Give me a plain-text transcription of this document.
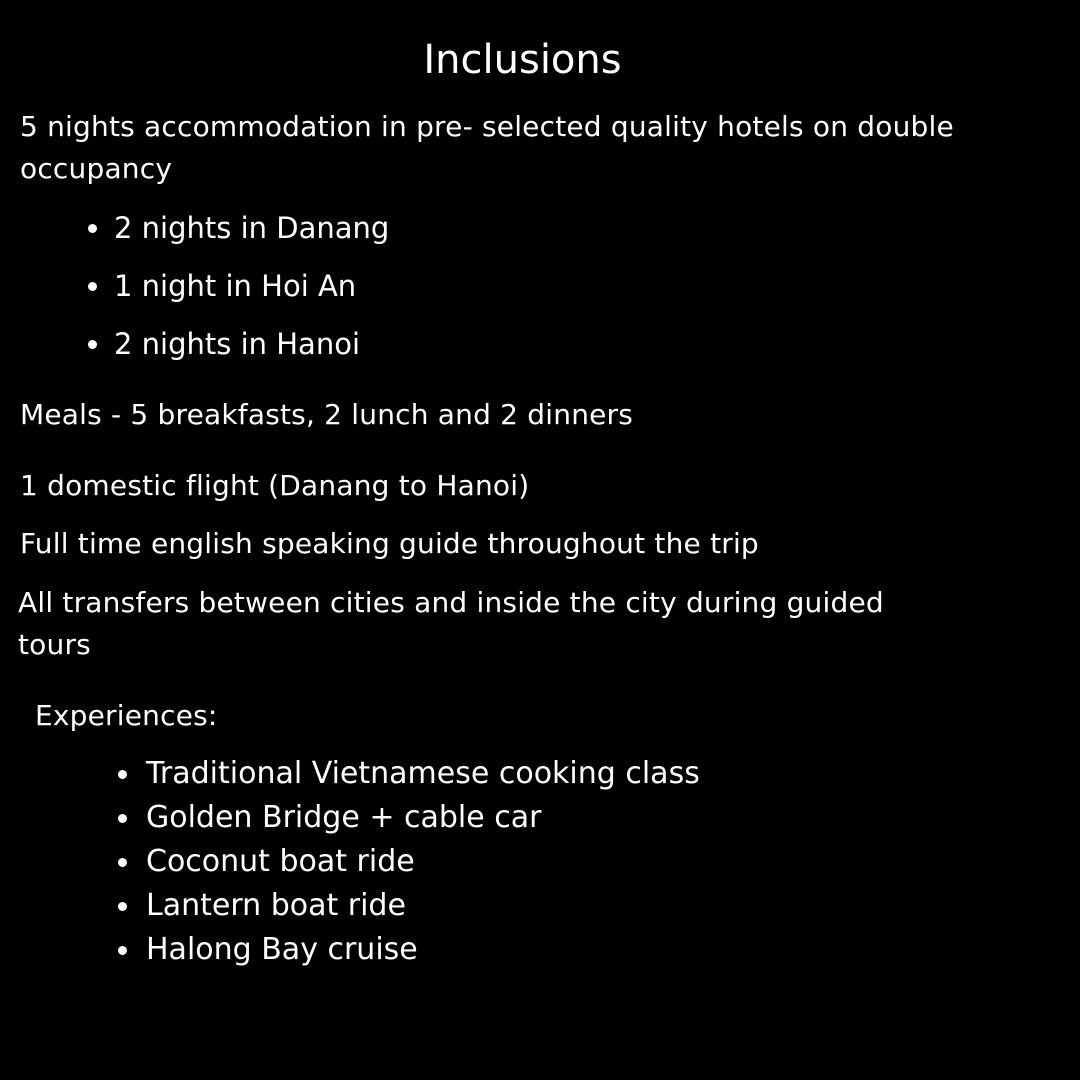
Inclusions

5 nights accommodation in pre- selected quality hotels on double occupancy

2 nights in Danang
1 night in Hoi An
2 nights in Hanoi

Meals - 5 breakfasts, 2 lunch and 2 dinners

1 domestic flight (Danang to Hanoi)

Full time english speaking guide throughout the trip

All transfers between cities and inside the city during guided tours

Experiences:

Traditional Vietnamese cooking class
Golden Bridge + cable car
Coconut boat ride
Lantern boat ride
Halong Bay cruise
